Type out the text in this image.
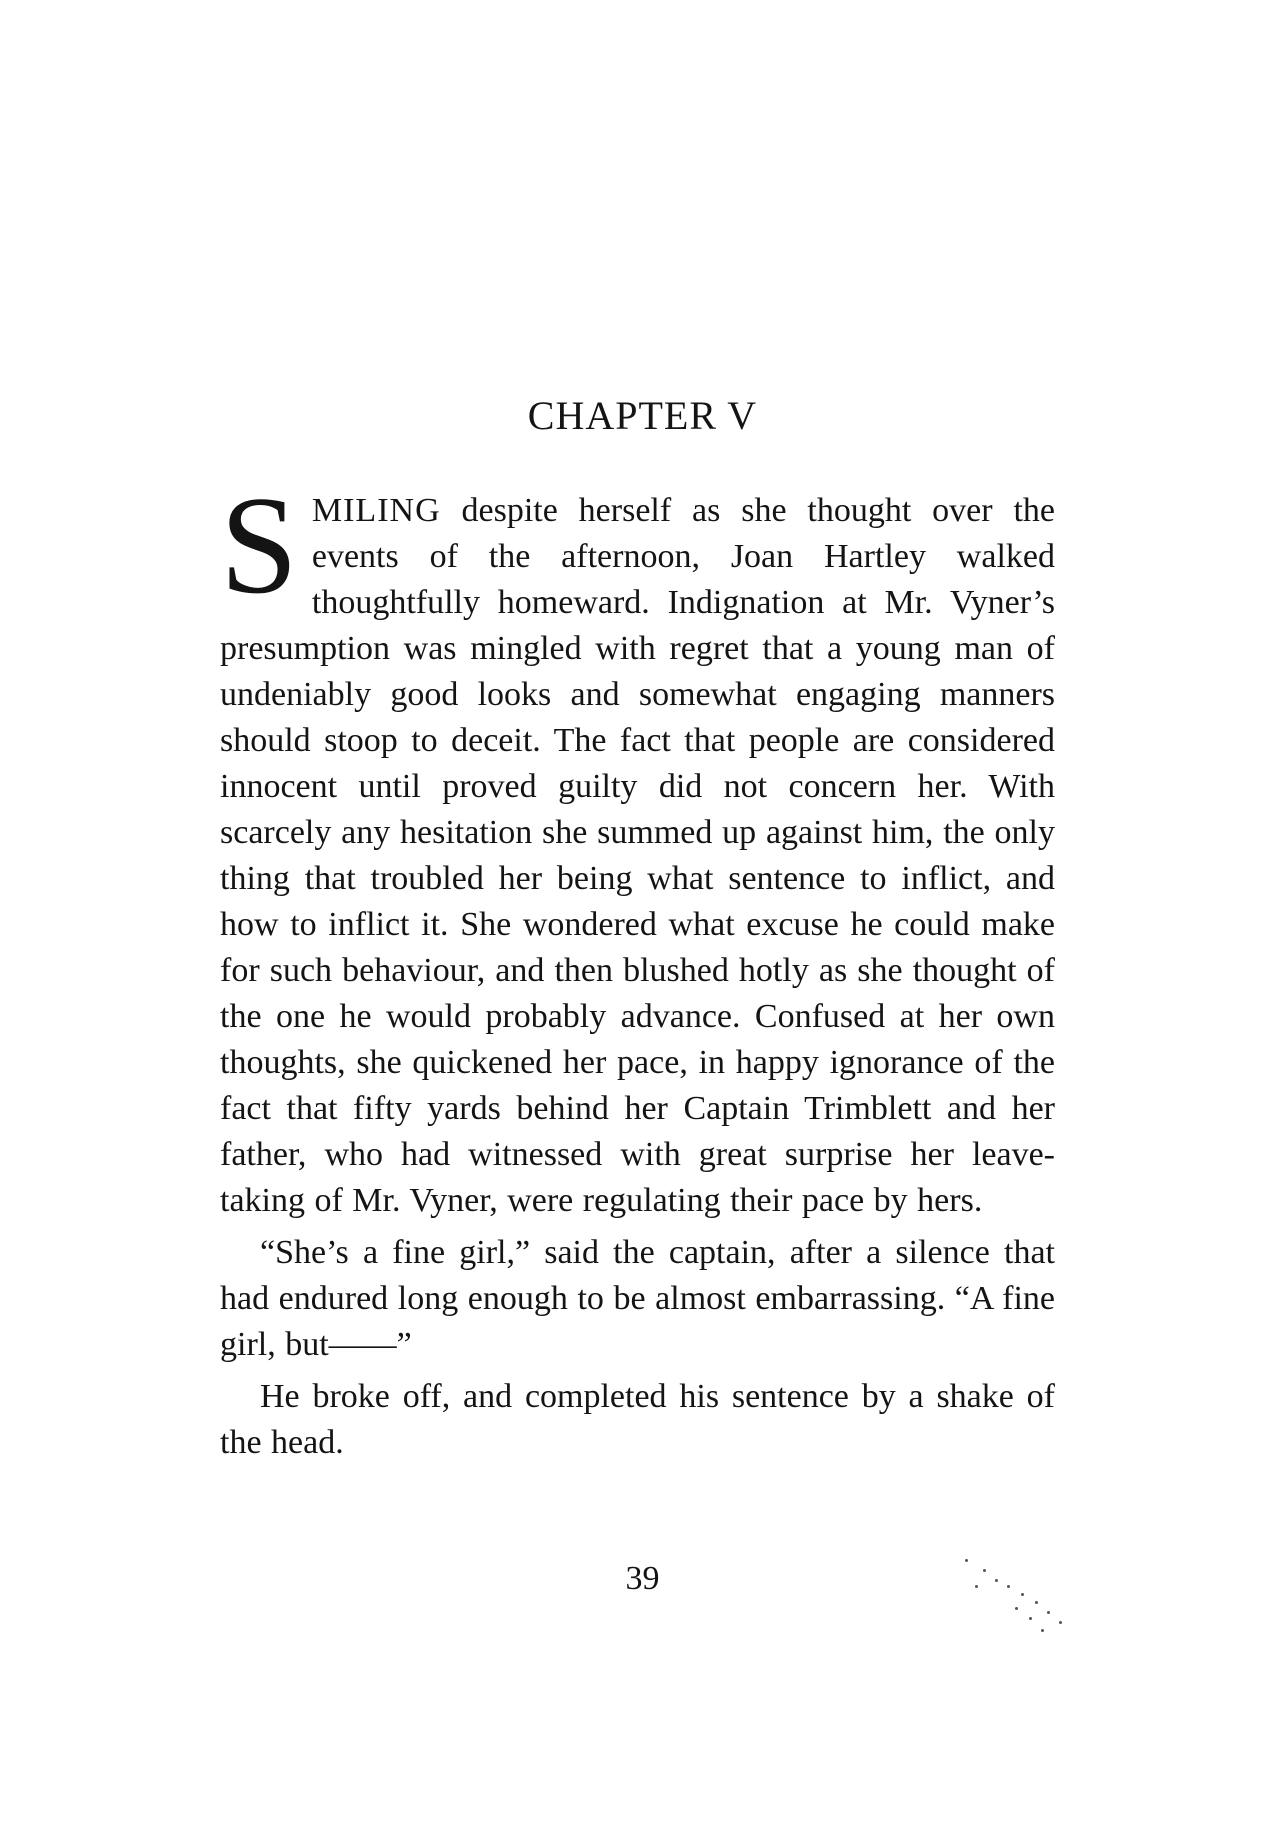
CHAPTER V

SMILING despite herself as she thought over the events of the afternoon, Joan Hartley walked thoughtfully homeward. Indignation at Mr. Vyner’s presumption was mingled with regret that a young man of undeniably good looks and somewhat engaging manners should stoop to deceit. The fact that people are considered innocent until proved guilty did not concern her. With scarcely any hesitation she summed up against him, the only thing that troubled her being what sentence to inflict, and how to inflict it. She wondered what excuse he could make for such behaviour, and then blushed hotly as she thought of the one he would probably advance. Confused at her own thoughts, she quickened her pace, in happy ignorance of the fact that fifty yards behind her Captain Trimblett and her father, who had witnessed with great surprise her leave-taking of Mr. Vyner, were regulating their pace by hers.

“She’s a fine girl,” said the captain, after a silence that had endured long enough to be almost embarrassing. “A fine girl, but——”

He broke off, and completed his sentence by a shake of the head.

39
